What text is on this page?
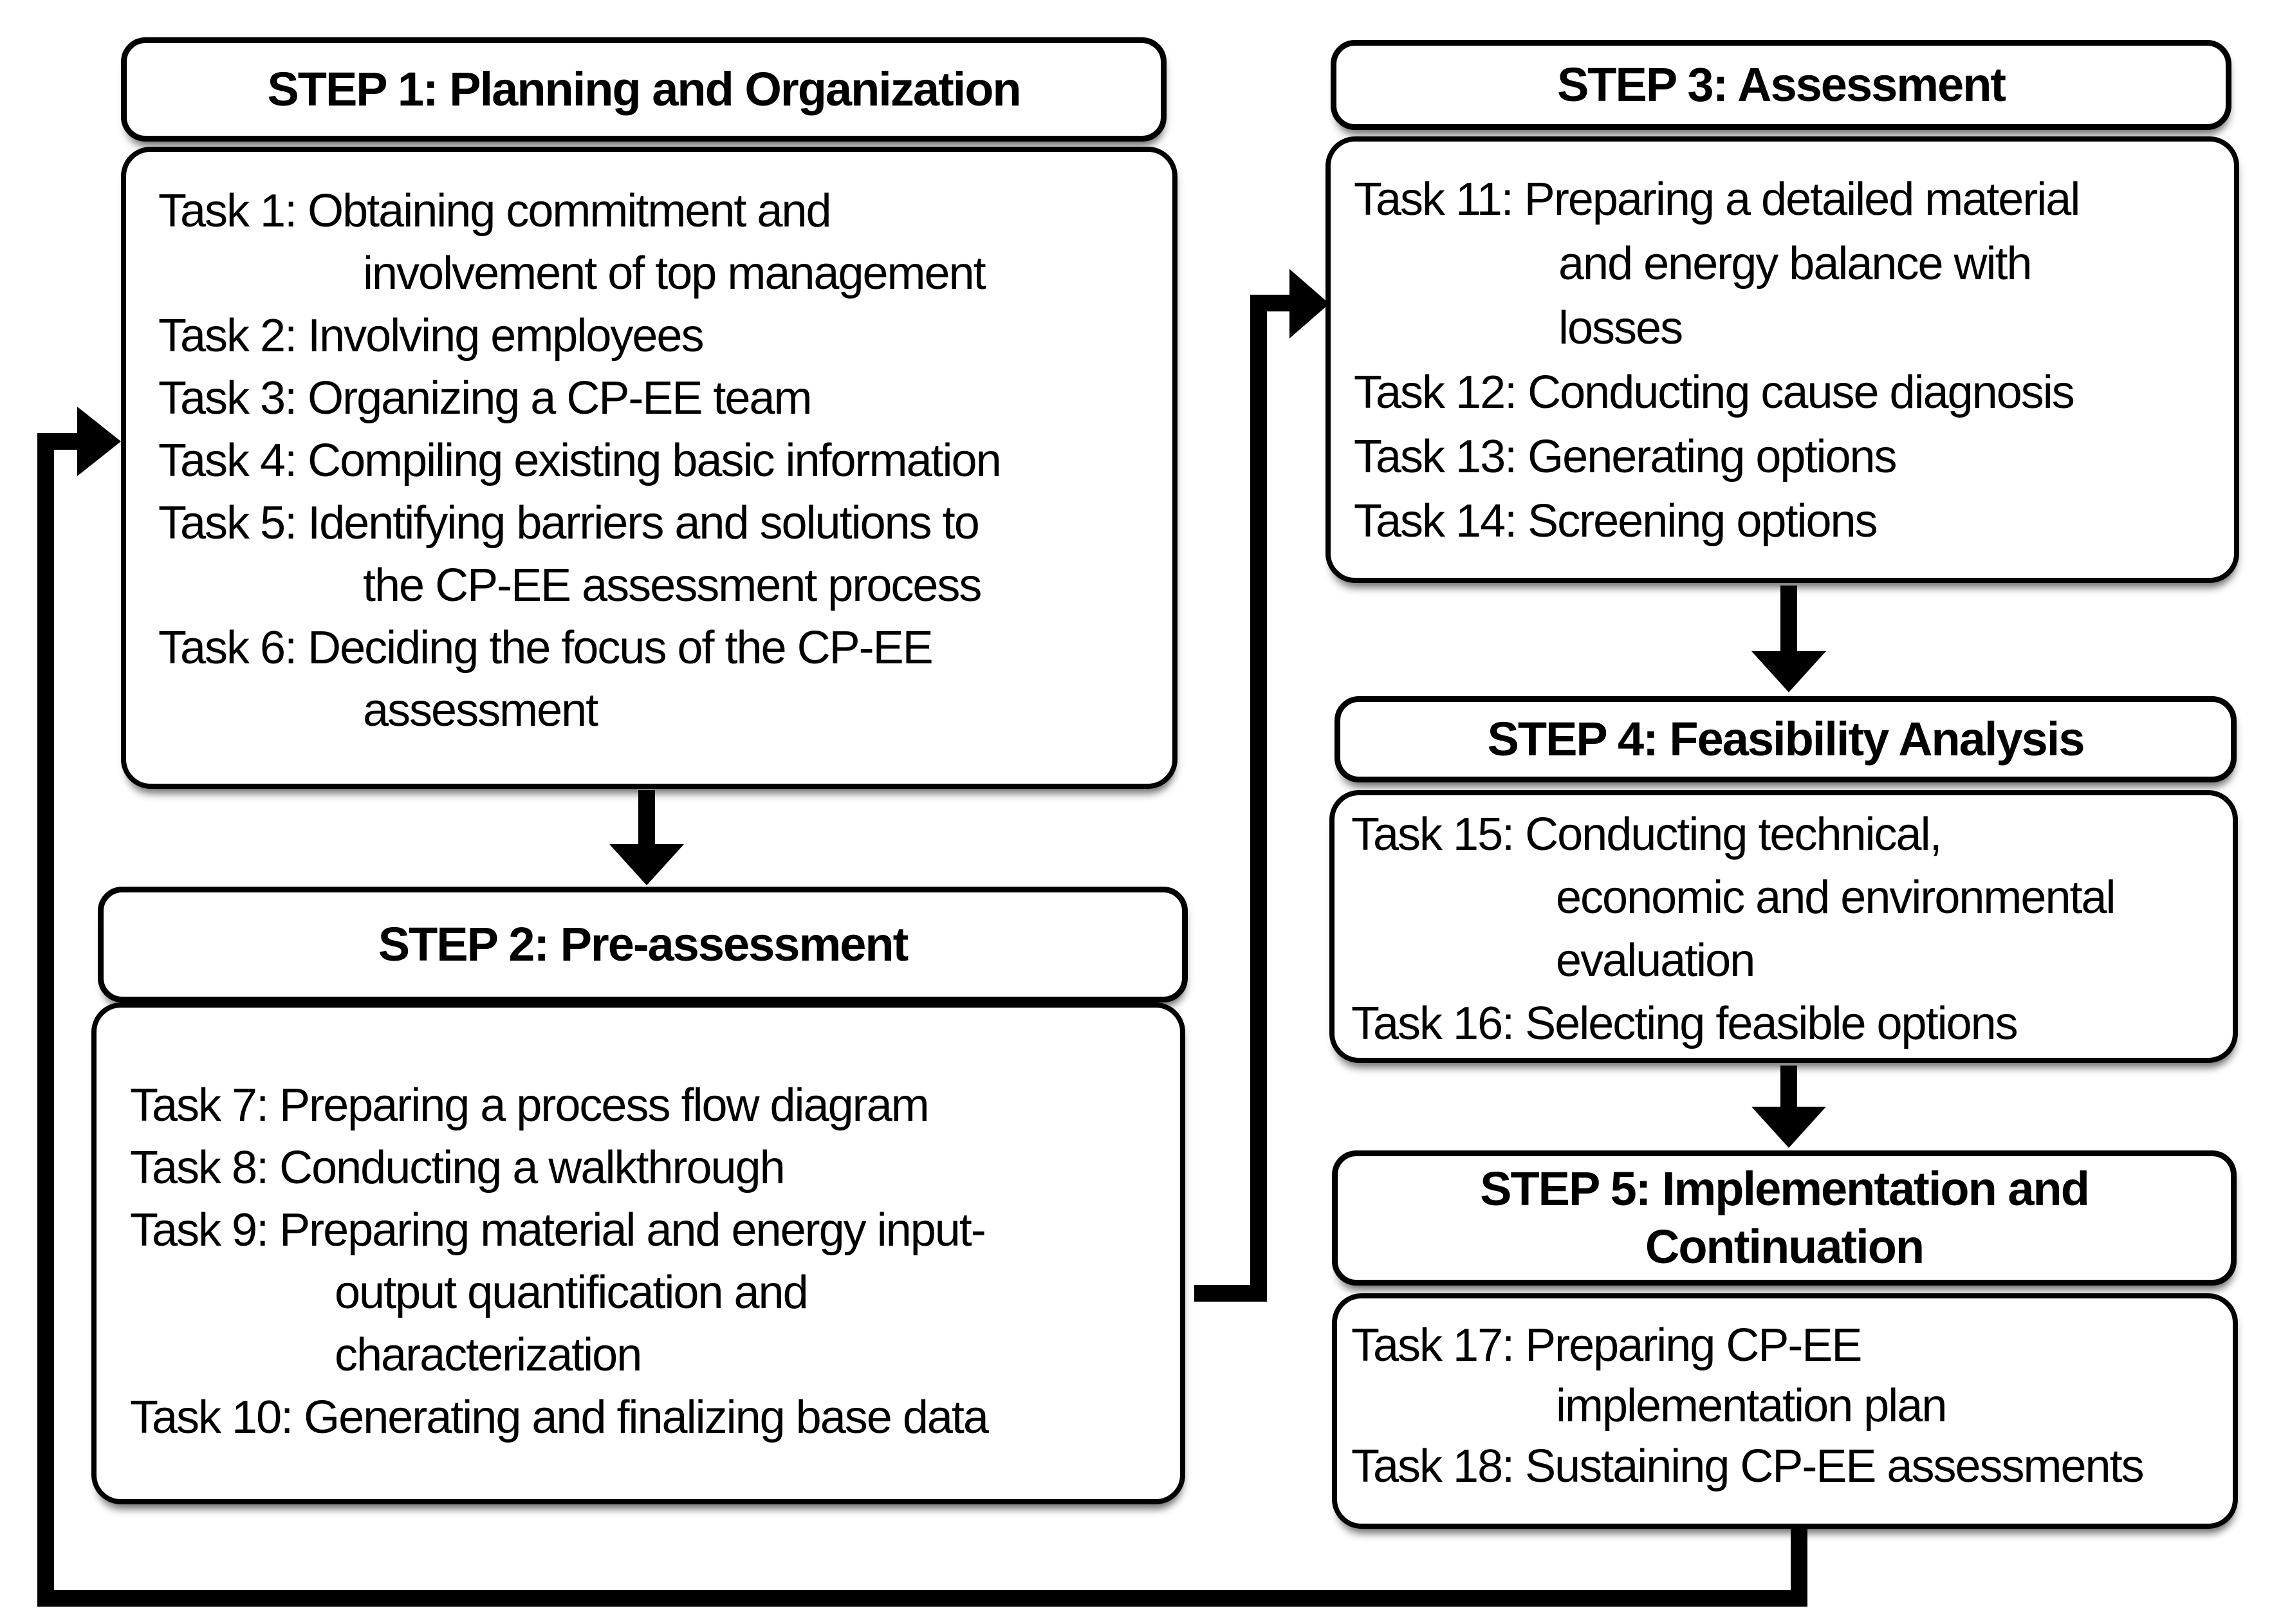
STEP 1: Planning and Organization
Task 1: Obtaining commitment and
involvement of top management
Task 2: Involving employees
Task 3: Organizing a CP-EE team
Task 4: Compiling existing basic information
Task 5: Identifying barriers and solutions to
the CP-EE assessment process
Task 6: Deciding the focus of the CP-EE
assessment
STEP 2: Pre-assessment
Task 7: Preparing a process flow diagram
Task 8: Conducting a walkthrough
Task 9: Preparing material and energy input-
output quantification and
characterization
Task 10: Generating and finalizing base data
STEP 3: Assessment
Task 11: Preparing a detailed material
and energy balance with
losses
Task 12: Conducting cause diagnosis
Task 13: Generating options
Task 14: Screening options
STEP 4: Feasibility Analysis
Task 15: Conducting technical,
economic and environmental
evaluation
Task 16: Selecting feasible options
STEP 5: Implementation and Continuation
Task 17: Preparing CP-EE
implementation plan
Task 18: Sustaining CP-EE assessments
